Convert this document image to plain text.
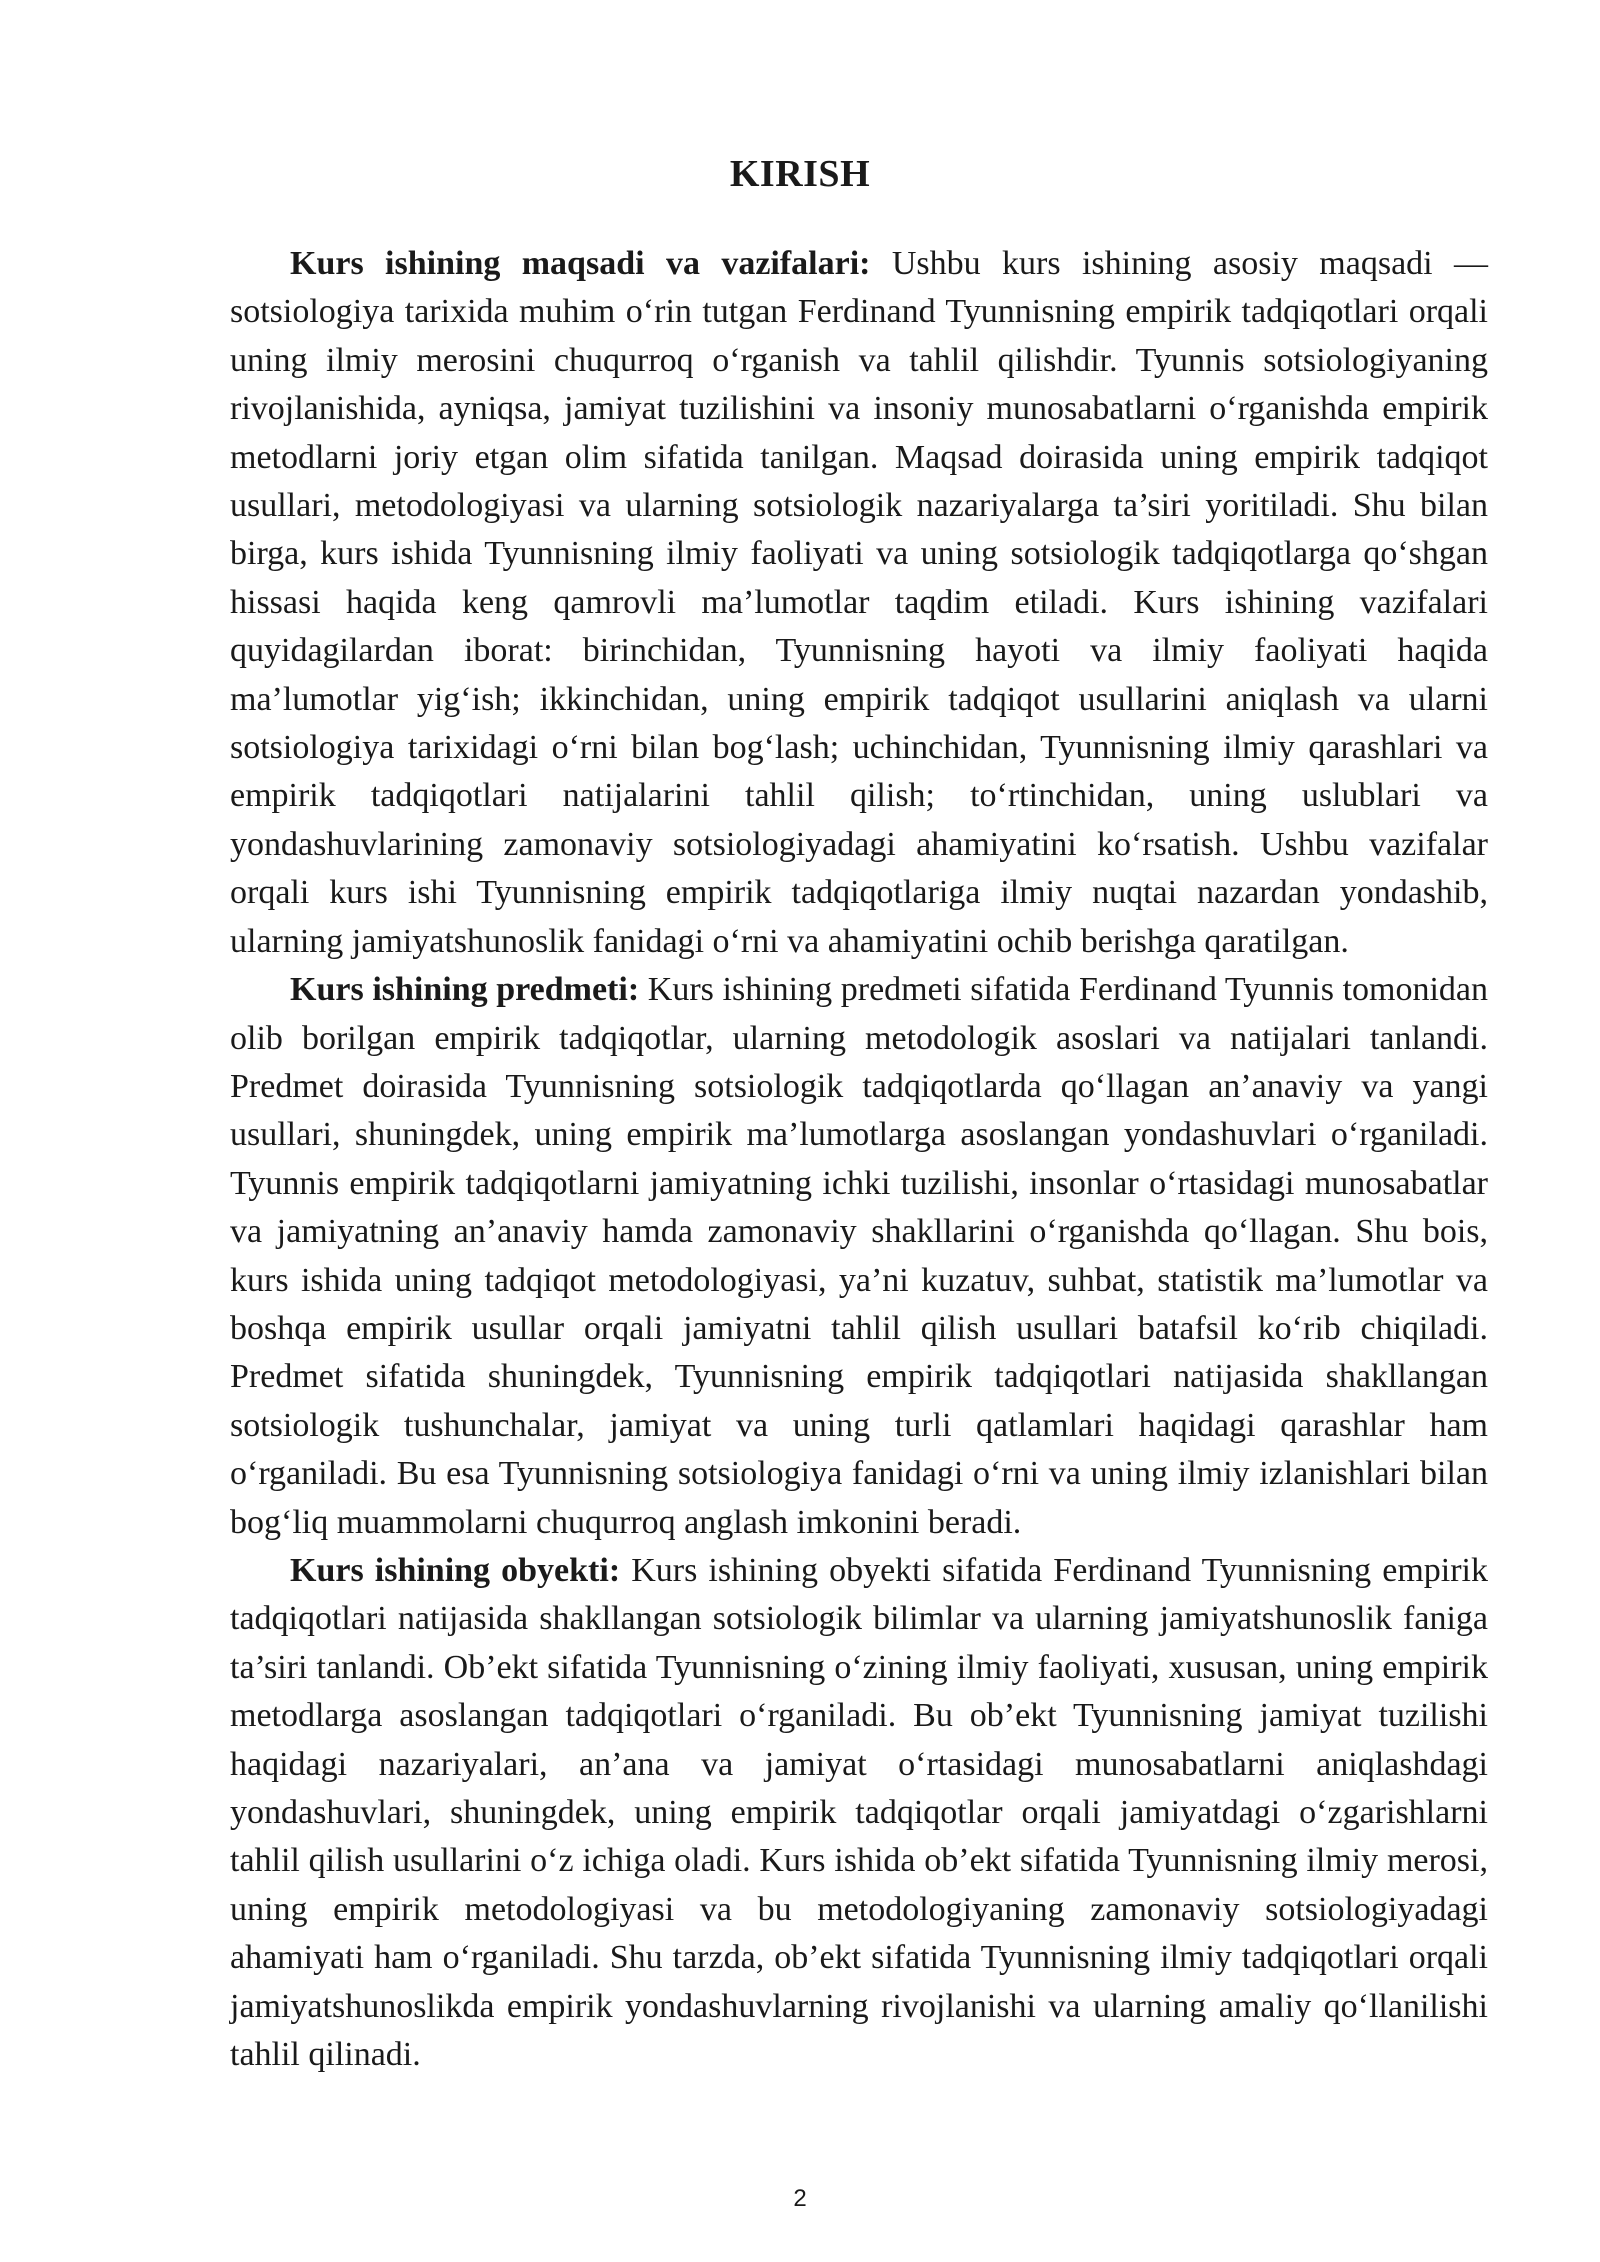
KIRISH

Kurs ishining maqsadi va vazifalari: Ushbu kurs ishining asosiy maqsadi — sotsiologiya tarixida muhim o‘rin tutgan Ferdinand Tyunnisning empirik tadqiqotlari orqali uning ilmiy merosini chuqurroq o‘rganish va tahlil qilishdir. Tyunnis sotsiologiyaning rivojlanishida, ayniqsa, jamiyat tuzilishini va insoniy munosabatlarni o‘rganishda empirik metodlarni joriy etgan olim sifatida tanilgan. Maqsad doirasida uning empirik tadqiqot usullari, metodologiyasi va ularning sotsiologik nazariyalarga ta’siri yoritiladi. Shu bilan birga, kurs ishida Tyunnisning ilmiy faoliyati va uning sotsiologik tadqiqotlarga qo‘shgan hissasi haqida keng qamrovli ma’lumotlar taqdim etiladi. Kurs ishining vazifalari quyidagilardan iborat: birinchidan, Tyunnisning hayoti va ilmiy faoliyati haqida ma’lumotlar yig‘ish; ikkinchidan, uning empirik tadqiqot usullarini aniqlash va ularni sotsiologiya tarixidagi o‘rni bilan bog‘lash; uchinchidan, Tyunnisning ilmiy qarashlari va empirik tadqiqotlari natijalarini tahlil qilish; to‘rtinchidan, uning uslublari va yondashuvlarining zamonaviy sotsiologiyadagi ahamiyatini ko‘rsatish. Ushbu vazifalar orqali kurs ishi Tyunnisning empirik tadqiqotlariga ilmiy nuqtai nazardan yondashib, ularning jamiyatshunoslik fanidagi o‘rni va ahamiyatini ochib berishga qaratilgan.

Kurs ishining predmeti: Kurs ishining predmeti sifatida Ferdinand Tyunnis tomonidan olib borilgan empirik tadqiqotlar, ularning metodologik asoslari va natijalari tanlandi. Predmet doirasida Tyunnisning sotsiologik tadqiqotlarda qo‘llagan an’anaviy va yangi usullari, shuningdek, uning empirik ma’lumotlarga asoslangan yondashuvlari o‘rganiladi. Tyunnis empirik tadqiqotlarni jamiyatning ichki tuzilishi, insonlar o‘rtasidagi munosabatlar va jamiyatning an’anaviy hamda zamonaviy shakllarini o‘rganishda qo‘llagan. Shu bois, kurs ishida uning tadqiqot metodologiyasi, ya’ni kuzatuv, suhbat, statistik ma’lumotlar va boshqa empirik usullar orqali jamiyatni tahlil qilish usullari batafsil ko‘rib chiqiladi. Predmet sifatida shuningdek, Tyunnisning empirik tadqiqotlari natijasida shakllangan sotsiologik tushunchalar, jamiyat va uning turli qatlamlari haqidagi qarashlar ham o‘rganiladi. Bu esa Tyunnisning sotsiologiya fanidagi o‘rni va uning ilmiy izlanishlari bilan bog‘liq muammolarni chuqurroq anglash imkonini beradi.

Kurs ishining obyekti: Kurs ishining obyekti sifatida Ferdinand Tyunnisning empirik tadqiqotlari natijasida shakllangan sotsiologik bilimlar va ularning jamiyatshunoslik faniga ta’siri tanlandi. Ob’ekt sifatida Tyunnisning o‘zining ilmiy faoliyati, xususan, uning empirik metodlarga asoslangan tadqiqotlari o‘rganiladi. Bu ob’ekt Tyunnisning jamiyat tuzilishi haqidagi nazariyalari, an’ana va jamiyat o‘rtasidagi munosabatlarni aniqlashdagi yondashuvlari, shuningdek, uning empirik tadqiqotlar orqali jamiyatdagi o‘zgarishlarni tahlil qilish usullarini o‘z ichiga oladi. Kurs ishida ob’ekt sifatida Tyunnisning ilmiy merosi, uning empirik metodologiyasi va bu metodologiyaning zamonaviy sotsiologiyadagi ahamiyati ham o‘rganiladi. Shu tarzda, ob’ekt sifatida Tyunnisning ilmiy tadqiqotlari orqali jamiyatshunoslikda empirik yondashuvlarning rivojlanishi va ularning amaliy qo‘llanilishi tahlil qilinadi.

2
